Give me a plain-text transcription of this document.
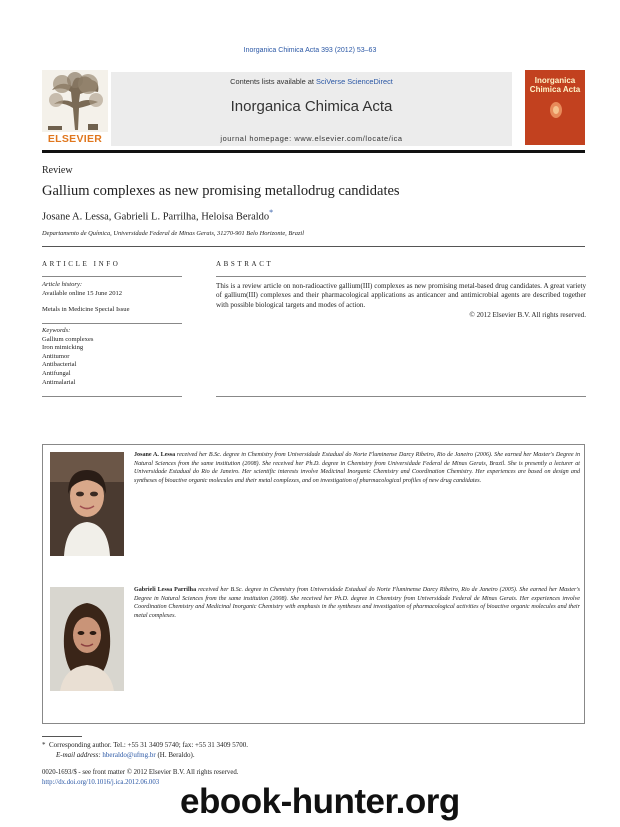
Inorganica Chimica Acta 393 (2012) 53–63
ELSEVIER
Contents lists available at SciVerse ScienceDirect
Inorganica Chimica Acta
journal homepage: www.elsevier.com/locate/ica
Inorganica
Chimica Acta
Review
Gallium complexes as new promising metallodrug candidates
Josane A. Lessa, Gabrieli L. Parrilha, Heloisa Beraldo*
Departamento de Química, Universidade Federal de Minas Gerais, 31270-901 Belo Horizonte, Brazil
ARTICLE INFO
Article history:
Available online 15 June 2012
Metals in Medicine Special Issue
Keywords:
Gallium complexes
Iron mimicking
Antitumor
Antibacterial
Antifungal
Antimalarial
ABSTRACT
This is a review article on non-radioactive gallium(III) complexes as new promising metal-based drug candidates. A great variety of gallium(III) complexes and their pharmacological applications as anticancer and antimicrobial agents are described together with possible biological targets and modes of action.
© 2012 Elsevier B.V. All rights reserved.
Josane A. Lessa received her B.Sc. degree in Chemistry from Universidade Estadual do Norte Fluminense Darcy Ribeiro, Rio de Janeiro (2006). She earned her Master's Degree in Natural Sciences from the same institution (2008). She received her Ph.D. degree in Chemistry from Universidade Federal de Minas Gerais, Brazil. She is presently a lecturer at Universidade Estadual do Rio de Janeiro. Her scientific interests involve Medicinal Inorganic Chemistry and Coordination Chemistry. Her experiences are based on design and syntheses of bioactive organic molecules and their metal complexes, and on investigation of pharmacological profiles of new drug candidates.
Gabrieli Lessa Parrilha received her B.Sc. degree in Chemistry from Universidade Estadual do Norte Fluminense Darcy Ribeiro, Rio de Janeiro (2005). She earned her Master's Degree in Natural Sciences from the same institution (2008). She received her Ph.D. degree in Chemistry from Universidade Federal de Minas Gerais. Her experiences involve Coordination Chemistry and Medicinal Inorganic Chemistry with emphasis in the syntheses and investigation of pharmacological activities of bioactive organic molecules and their metal complexes.
* Corresponding author. Tel.: +55 31 3409 5740; fax: +55 31 3409 5700.
E-mail address: hberaldo@ufmg.br (H. Beraldo).
0020-1693/$ - see front matter © 2012 Elsevier B.V. All rights reserved.
http://dx.doi.org/10.1016/j.ica.2012.06.003 ebook-hunter.org
